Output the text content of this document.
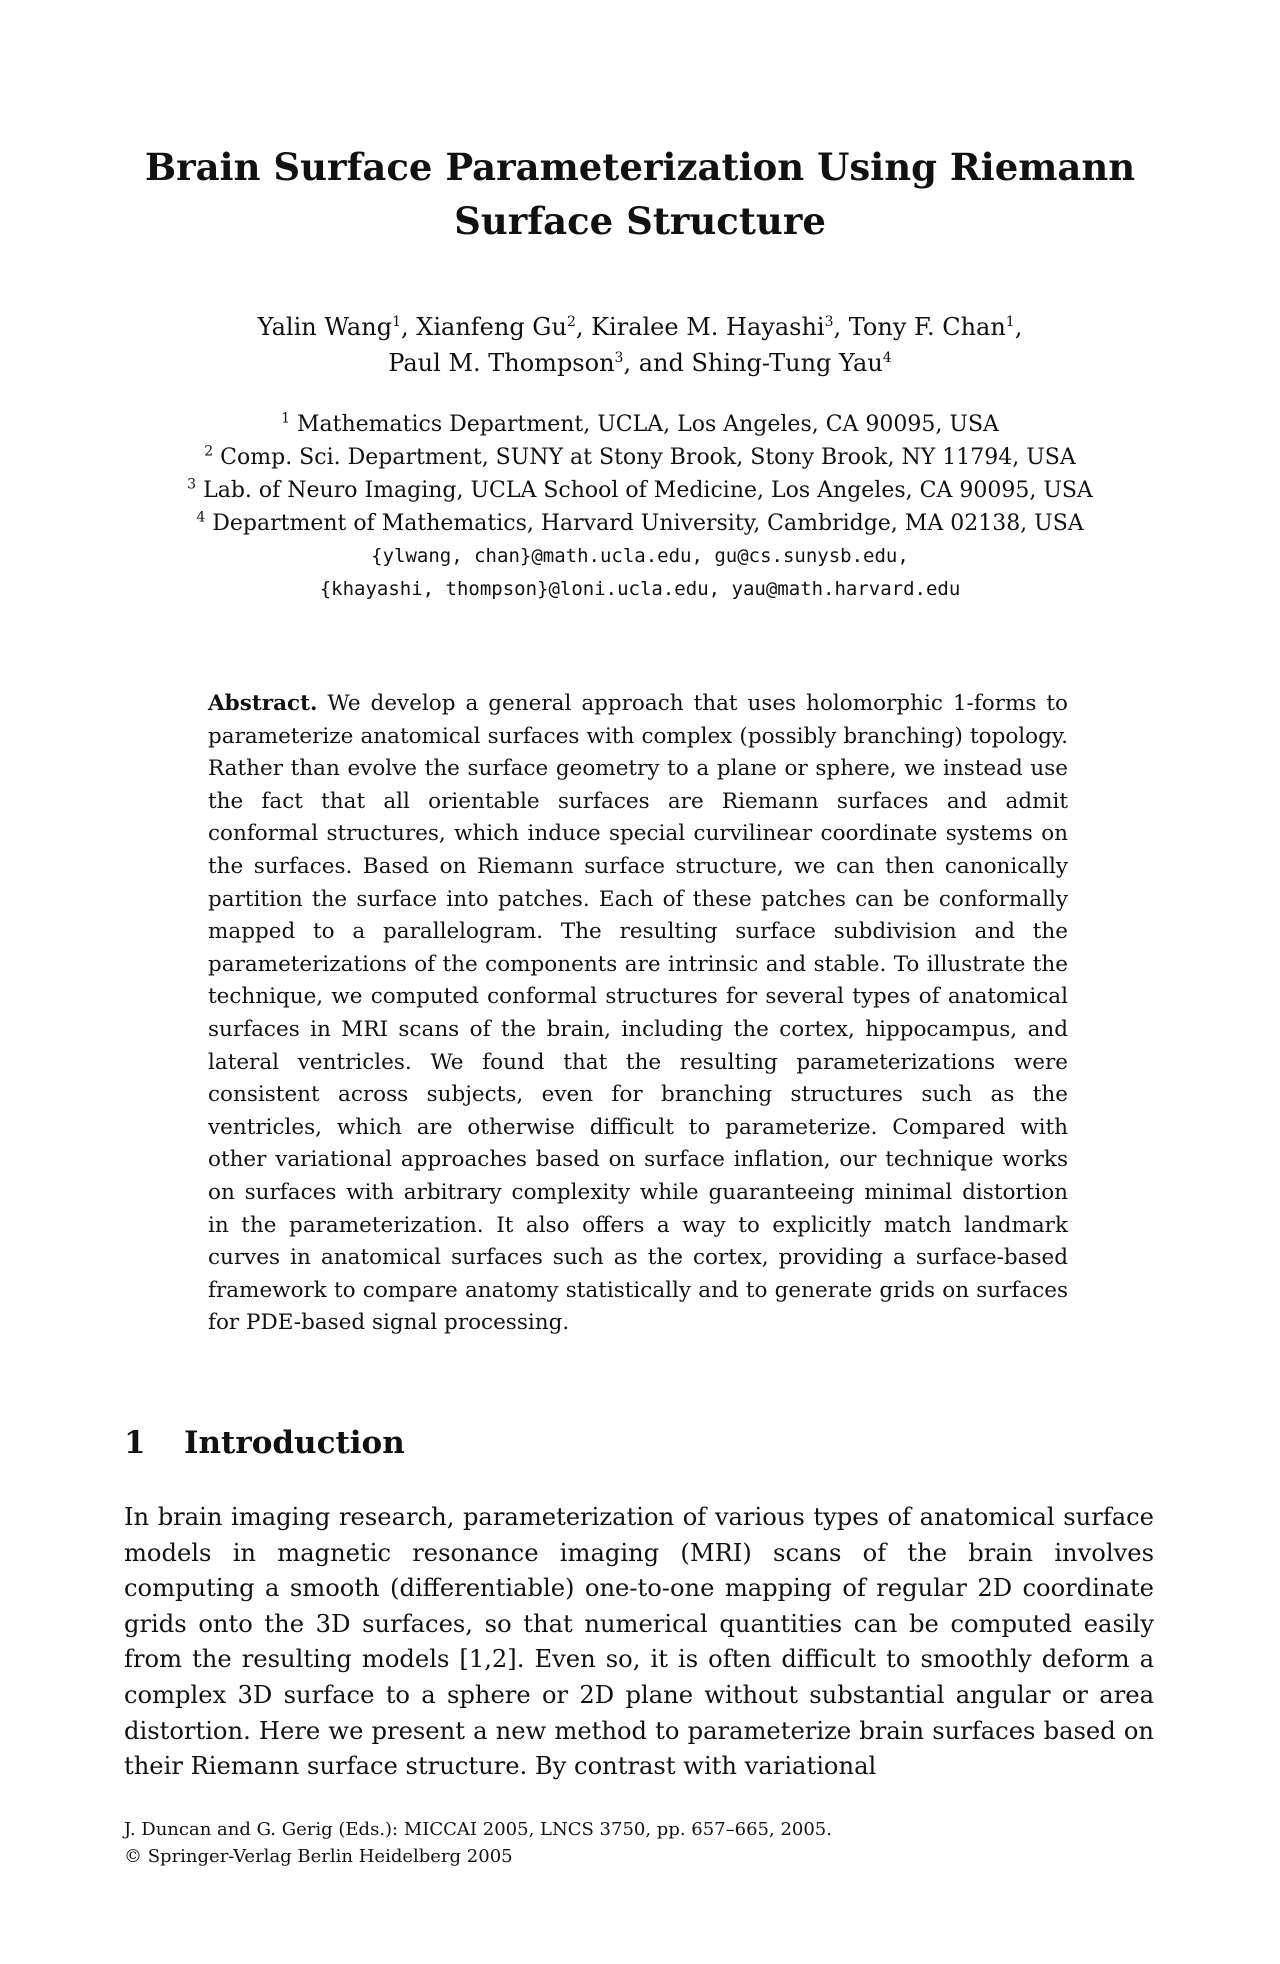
Brain Surface Parameterization Using Riemann
Surface Structure
Yalin Wang$^1$, Xianfeng Gu$^2$, Kiralee M. Hayashi$^3$, Tony F. Chan$^1$,
Paul M. Thompson$^3$, and Shing-Tung Yau$^4$
$^1$ Mathematics Department, UCLA, Los Angeles, CA 90095, USA
$^2$ Comp. Sci. Department, SUNY at Stony Brook, Stony Brook, NY 11794, USA
$^3$ Lab. of Neuro Imaging, UCLA School of Medicine, Los Angeles, CA 90095, USA
$^4$ Department of Mathematics, Harvard University, Cambridge, MA 02138, USA
{ylwang, chan}@math.ucla.edu, gu@cs.sunysb.edu,
{khayashi, thompson}@loni.ucla.edu, yau@math.harvard.edu
Abstract. We develop a general approach that uses holomorphic 1-forms to parameterize anatomical surfaces with complex (possibly branching) topology. Rather than evolve the surface geometry to a plane or sphere, we instead use the fact that all orientable surfaces are Riemann surfaces and admit conformal structures, which induce special curvilinear coordinate systems on the surfaces. Based on Riemann surface structure, we can then canonically partition the surface into patches. Each of these patches can be conformally mapped to a parallelogram. The resulting surface subdivision and the parameterizations of the components are intrinsic and stable. To illustrate the technique, we computed conformal structures for several types of anatomical surfaces in MRI scans of the brain, including the cortex, hippocampus, and lateral ventricles. We found that the resulting parameterizations were consistent across subjects, even for branching structures such as the ventricles, which are otherwise difficult to parameterize. Compared with other variational approaches based on surface inflation, our technique works on surfaces with arbitrary complexity while guaranteeing minimal distortion in the parameterization. It also offers a way to explicitly match landmark curves in anatomical surfaces such as the cortex, providing a surface-based framework to compare anatomy statistically and to generate grids on surfaces for PDE-based signal processing.
1 Introduction
In brain imaging research, parameterization of various types of anatomical surface models in magnetic resonance imaging (MRI) scans of the brain involves computing a smooth (differentiable) one-to-one mapping of regular 2D coordinate grids onto the 3D surfaces, so that numerical quantities can be computed easily from the resulting models [1,2]. Even so, it is often difficult to smoothly deform a complex 3D surface to a sphere or 2D plane without substantial angular or area distortion. Here we present a new method to parameterize brain surfaces based on their Riemann surface structure. By contrast with variational
J. Duncan and G. Gerig (Eds.): MICCAI 2005, LNCS 3750, pp. 657–665, 2005.
© Springer-Verlag Berlin Heidelberg 2005
